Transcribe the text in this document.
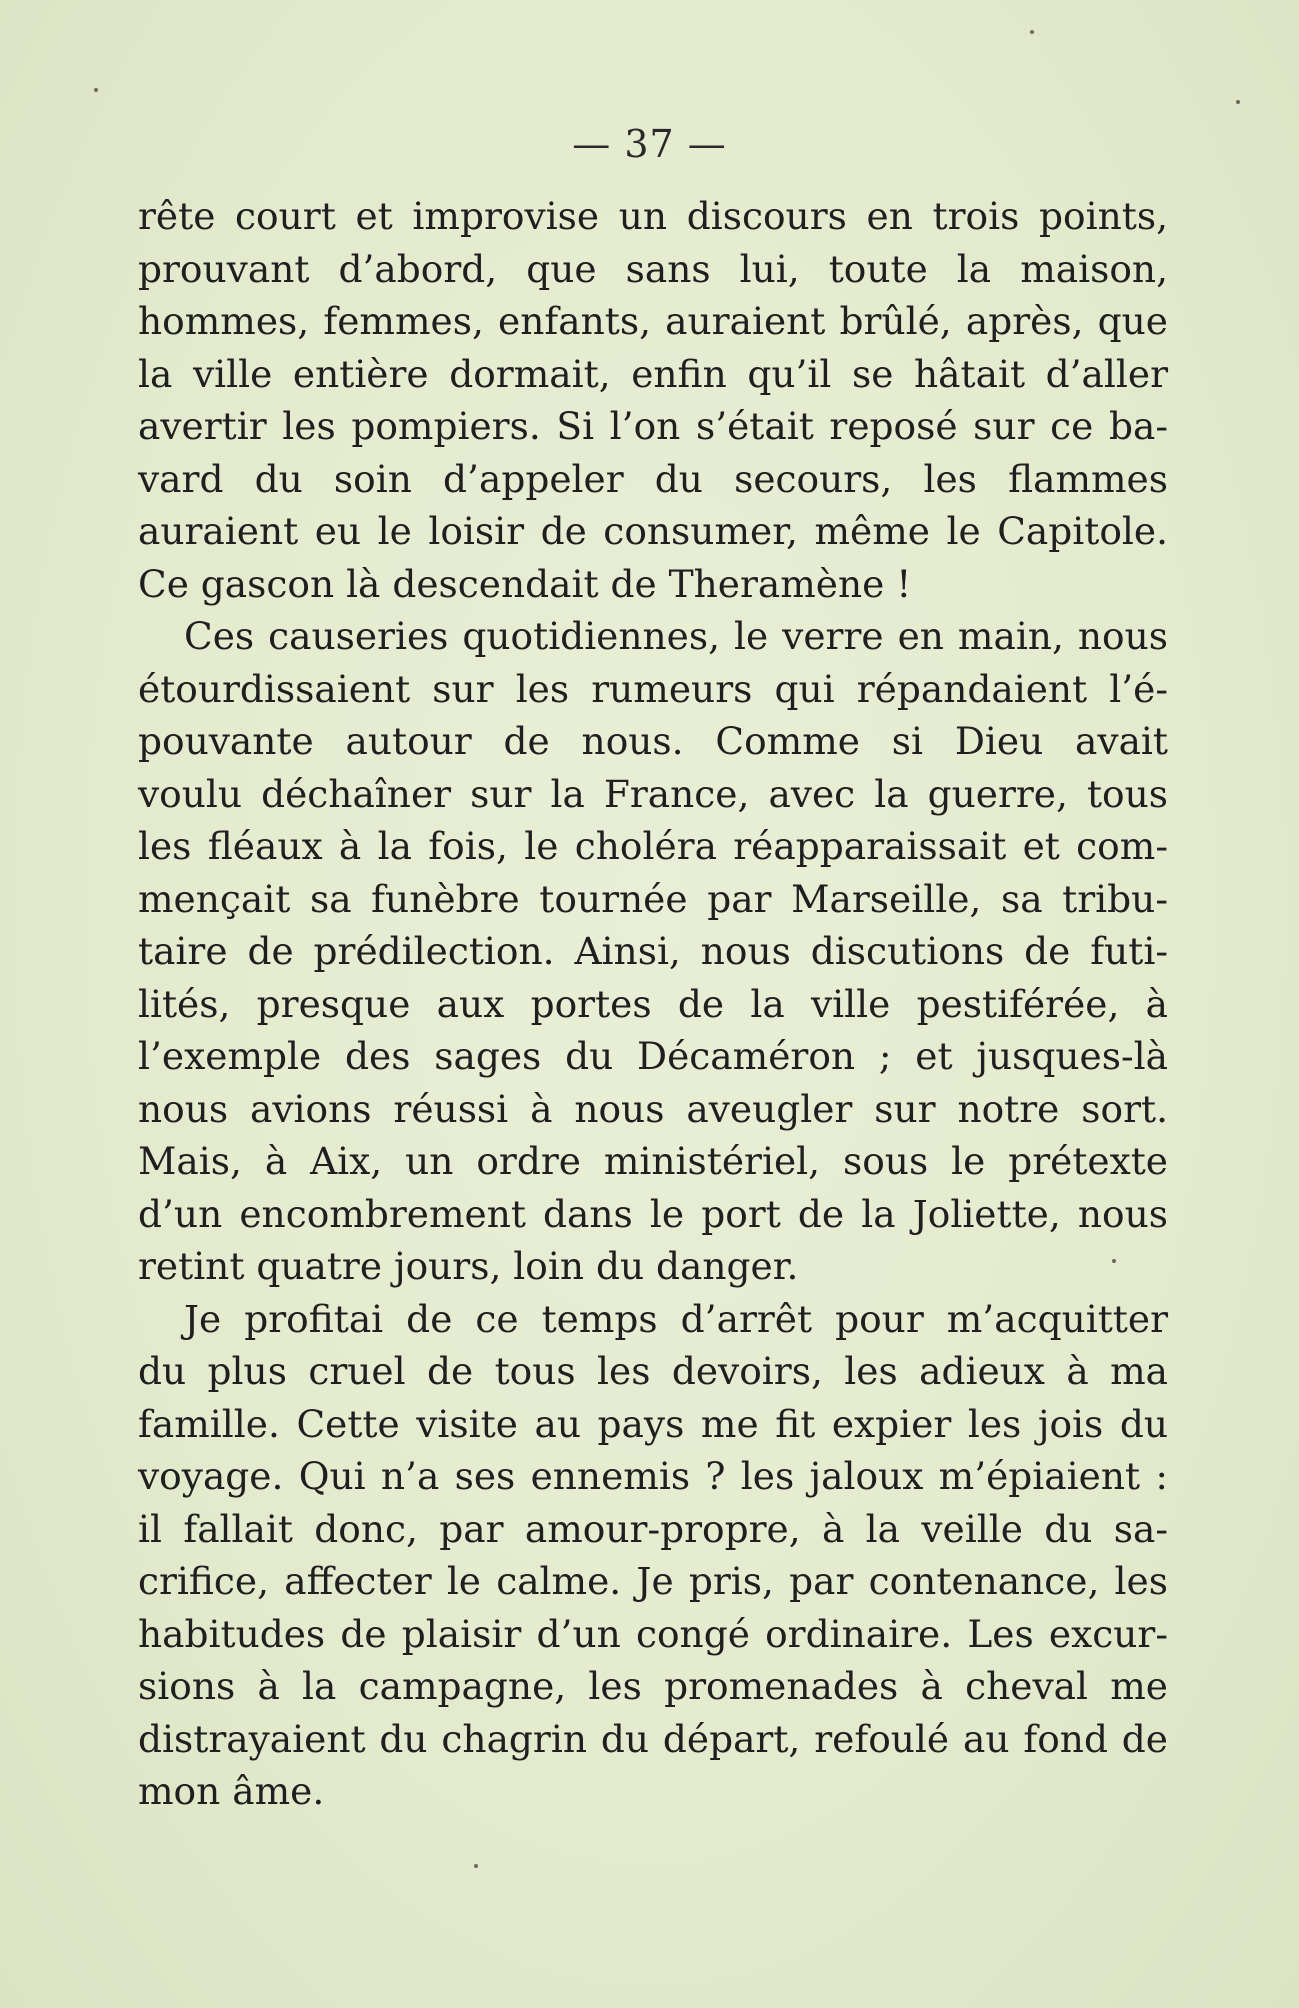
— 37 —
rête court et improvise un discours en trois points,
prouvant d’abord, que sans lui, toute la maison,
hommes, femmes, enfants, auraient brûlé, après, que
la ville entière dormait, enfin qu’il se hâtait d’aller
avertir les pompiers. Si l’on s’était reposé sur ce ba-
vard du soin d’appeler du secours, les flammes
auraient eu le loisir de consumer, même le Capitole.
Ce gascon là descendait de Theramène !
Ces causeries quotidiennes, le verre en main, nous
étourdissaient sur les rumeurs qui répandaient l’é-
pouvante autour de nous. Comme si Dieu avait
voulu déchaîner sur la France, avec la guerre, tous
les fléaux à la fois, le choléra réapparaissait et com-
mençait sa funèbre tournée par Marseille, sa tribu-
taire de prédilection. Ainsi, nous discutions de futi-
lités, presque aux portes de la ville pestiférée, à
l’exemple des sages du Décaméron ; et jusques-là
nous avions réussi à nous aveugler sur notre sort.
Mais, à Aix, un ordre ministériel, sous le prétexte
d’un encombrement dans le port de la Joliette, nous
retint quatre jours, loin du danger.
Je profitai de ce temps d’arrêt pour m’acquitter
du plus cruel de tous les devoirs, les adieux à ma
famille. Cette visite au pays me fit expier les jois du
voyage. Qui n’a ses ennemis ? les jaloux m’épiaient :
il fallait donc, par amour-propre, à la veille du sa-
crifice, affecter le calme. Je pris, par contenance, les
habitudes de plaisir d’un congé ordinaire. Les excur-
sions à la campagne, les promenades à cheval me
distrayaient du chagrin du départ, refoulé au fond de
mon âme.
